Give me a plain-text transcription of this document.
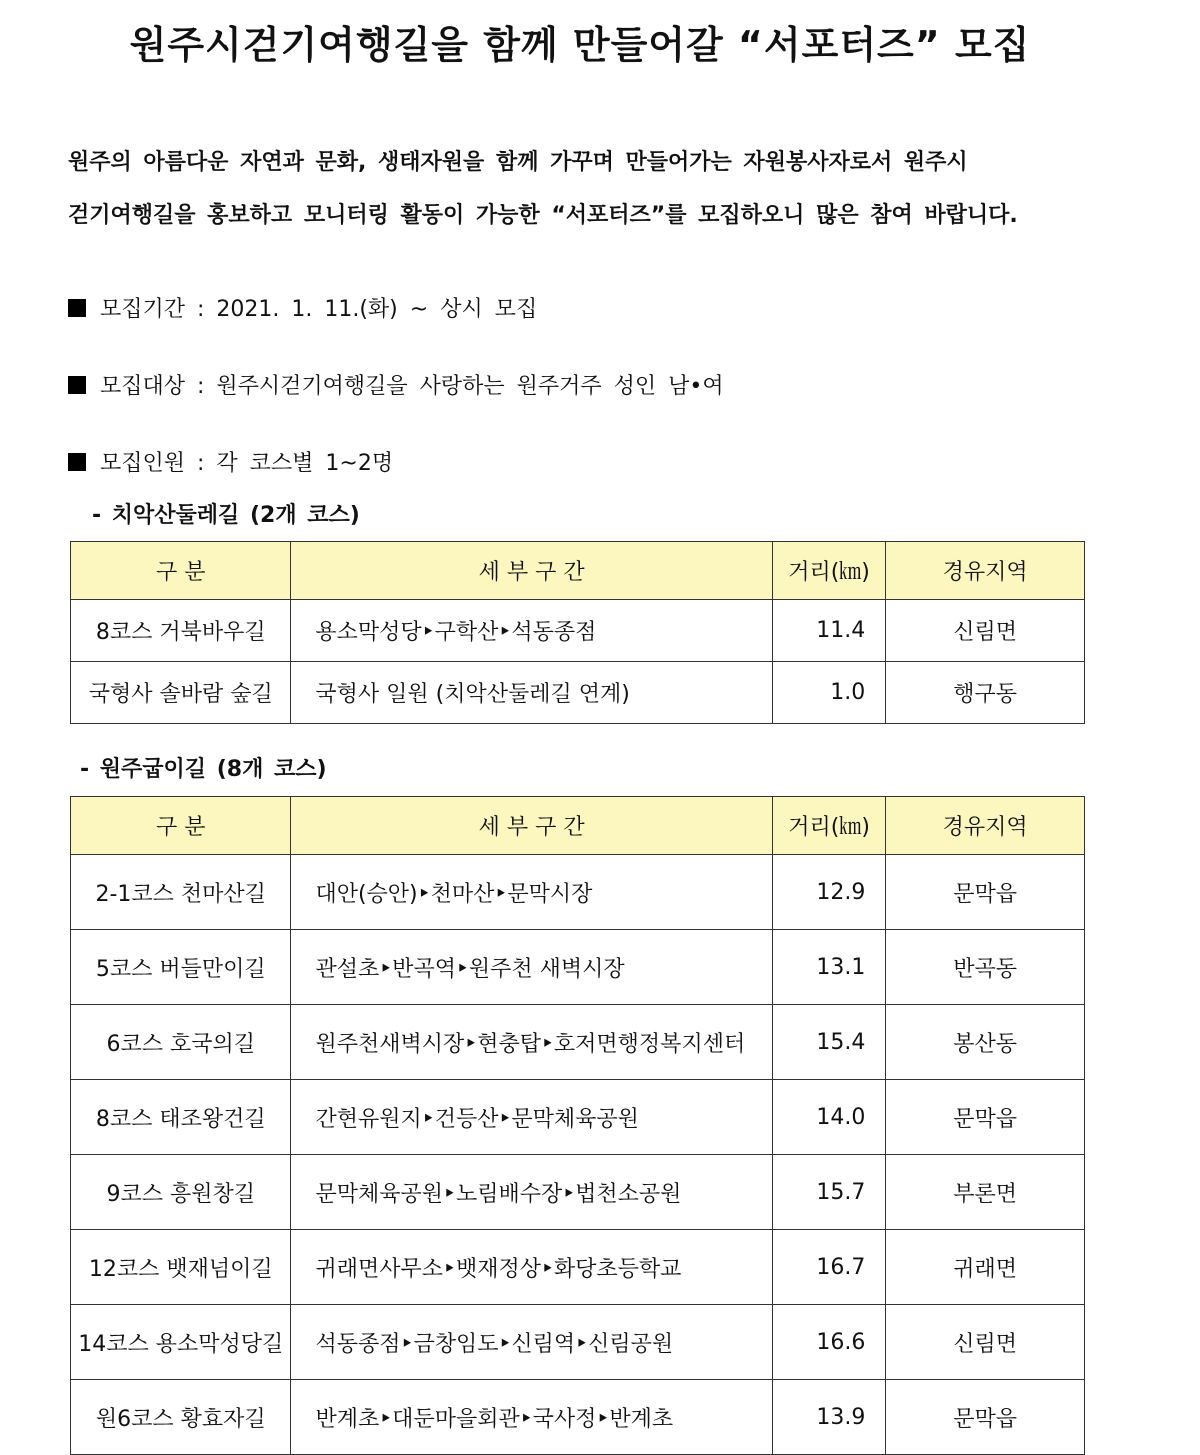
원주시걷기여행길을 함께 만들어갈 “서포터즈” 모집
원주의 아름다운 자연과 문화, 생태자원을 함께 가꾸며 만들어가는 자원봉사자로서 원주시
걷기여행길을 홍보하고 모니터링 활동이 가능한 “서포터즈”를 모집하오니 많은 참여 바랍니다.
모집기간 : 2021. 1. 11.(화) ~ 상시 모집
모집대상 : 원주시걷기여행길을 사랑하는 원주거주 성인 남•여
모집인원 : 각 코스별 1~2명
- 치악산둘레길 (2개 코스)
구 분	세 부 구 간	거리(㎞)	경유지역
8코스 거북바우길	용소막성당‣구학산‣석동종점	11.4	신림면
국형사 솔바람 숲길	국형사 일원 (치악산둘레길 연계)	1.0	행구동
- 원주굽이길 (8개 코스)
구 분	세 부 구 간	거리(㎞)	경유지역
2-1코스 천마산길	대안(승안)‣천마산‣문막시장	12.9	문막읍
5코스 버들만이길	관설초‣반곡역‣원주천 새벽시장	13.1	반곡동
6코스 호국의길	원주천새벽시장‣현충탑‣호저면행정복지센터	15.4	봉산동
8코스 태조왕건길	간현유원지‣건등산‣문막체육공원	14.0	문막읍
9코스 흥원창길	문막체육공원‣노림배수장‣법천소공원	15.7	부론면
12코스 뱃재넘이길	귀래면사무소‣뱃재정상‣화당초등학교	16.7	귀래면
14코스 용소막성당길	석동종점‣금창임도‣신림역‣신림공원	16.6	신림면
원6코스 황효자길	반계초‣대둔마을회관‣국사정‣반계초	13.9	문막읍
